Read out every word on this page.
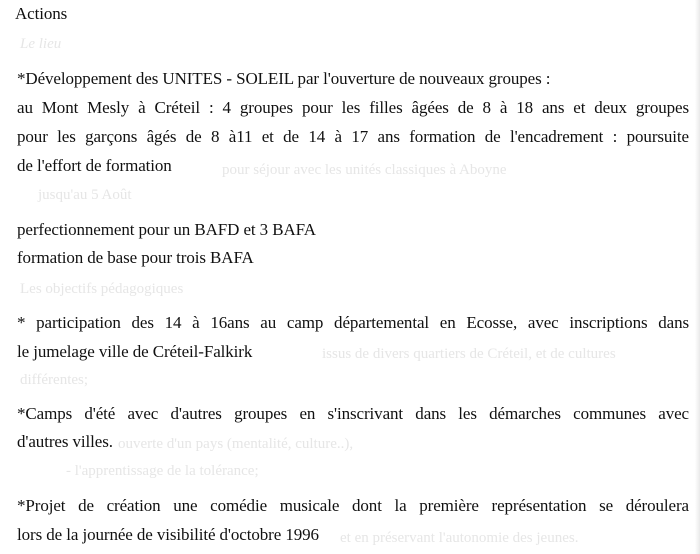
Le lieu
pour séjour avec les unités classiques à Aboyne
jusqu'au 5 Août
Les objectifs pédagogiques
issus de divers quartiers de Créteil, et de cultures
différentes;
ouverte d'un pays (mentalité, culture..),
- l'apprentissage de la tolérance;
et en préservant l'autonomie des jeunes.
Actions
*Développement des UNITES - SOLEIL par l'ouverture de nouveaux groupes :
au Mont Mesly à Créteil : 4 groupes pour les filles âgées de 8 à 18 ans et deux groupes
pour les garçons âgés de 8 à11 et de 14 à 17 ans formation de l'encadrement : poursuite
de l'effort de formation
perfectionnement pour un BAFD et 3 BAFA
formation de base pour trois BAFA
* participation des 14 à 16ans au camp départemental en Ecosse, avec inscriptions dans
le jumelage ville de Créteil-Falkirk
*Camps d'été avec d'autres groupes en s'inscrivant dans les démarches communes avec
d'autres villes.
*Projet de création une comédie musicale dont la première représentation se déroulera
lors de la journée de visibilité d'octobre 1996
